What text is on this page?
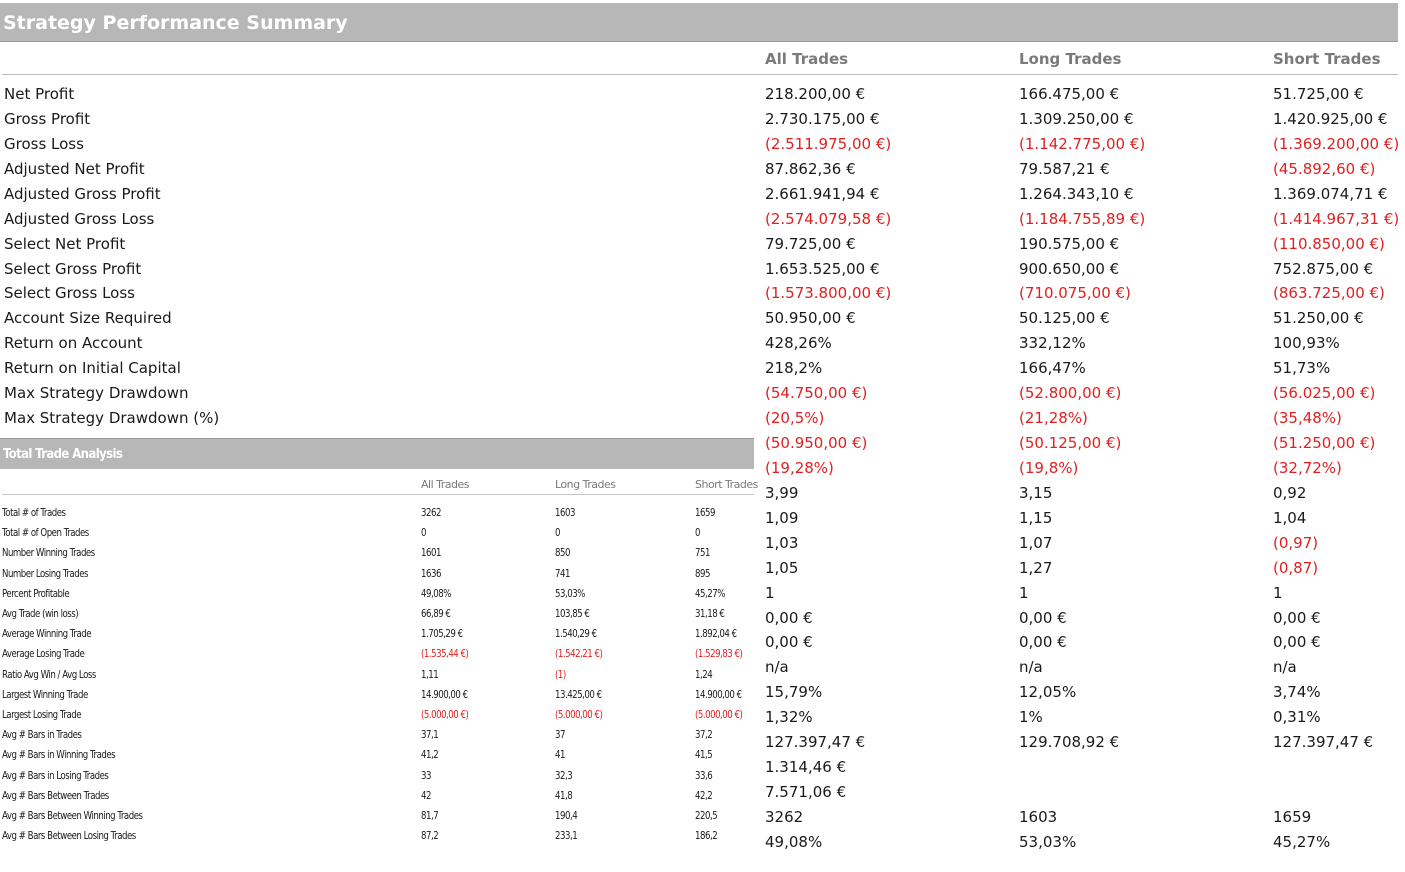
Strategy Performance Summary
All Trades	Long Trades	Short Trades
Net Profit	218.200,00 €	166.475,00 €	51.725,00 €
Gross Profit	2.730.175,00 €	1.309.250,00 €	1.420.925,00 €
Gross Loss	(2.511.975,00 €)	(1.142.775,00 €)	(1.369.200,00 €)
Adjusted Net Profit	87.862,36 €	79.587,21 €	(45.892,60 €)
Adjusted Gross Profit	2.661.941,94 €	1.264.343,10 €	1.369.074,71 €
Adjusted Gross Loss	(2.574.079,58 €)	(1.184.755,89 €)	(1.414.967,31 €)
Select Net Profit	79.725,00 €	190.575,00 €	(110.850,00 €)
Select Gross Profit	1.653.525,00 €	900.650,00 €	752.875,00 €
Select Gross Loss	(1.573.800,00 €)	(710.075,00 €)	(863.725,00 €)
Account Size Required	50.950,00 €	50.125,00 €	51.250,00 €
Return on Account	428,26%	332,12%	100,93%
Return on Initial Capital	218,2%	166,47%	51,73%
Max Strategy Drawdown	(54.750,00 €)	(52.800,00 €)	(56.025,00 €)
Max Strategy Drawdown (%)	(20,5%)	(21,28%)	(35,48%)
(50.950,00 €)	(50.125,00 €)	(51.250,00 €)
(19,28%)	(19,8%)	(32,72%)
3,99	3,15	0,92
1,09	1,15	1,04
1,03	1,07	(0,97)
1,05	1,27	(0,87)
1	1	1
0,00 €	0,00 €	0,00 €
0,00 €	0,00 €	0,00 €
n/a	n/a	n/a
15,79%	12,05%	3,74%
1,32%	1%	0,31%
127.397,47 €	129.708,92 €	127.397,47 €
1.314,46 €
7.571,06 €
3262	1603	1659
49,08%	53,03%	45,27%
Total Trade Analysis
All Trades	Long Trades	Short Trades
Total # of Trades	3262	1603	1659
Total # of Open Trades	0	0	0
Number Winning Trades	1601	850	751
Number Losing Trades	1636	741	895
Percent Profitable	49,08%	53,03%	45,27%
Avg Trade (win loss)	66,89 €	103,85 €	31,18 €
Average Winning Trade	1.705,29 €	1.540,29 €	1.892,04 €
Average Losing Trade	(1.535,44 €)	(1.542,21 €)	(1.529,83 €)
Ratio Avg Win / Avg Loss	1,11	(1)	1,24
Largest Winning Trade	14.900,00 €	13.425,00 €	14.900,00 €
Largest Losing Trade	(5.000,00 €)	(5.000,00 €)	(5.000,00 €)
Avg # Bars in Trades	37,1	37	37,2
Avg # Bars in Winning Trades	41,2	41	41,5
Avg # Bars in Losing Trades	33	32,3	33,6
Avg # Bars Between Trades	42	41,8	42,2
Avg # Bars Between Winning Trades	81,7	190,4	220,5
Avg # Bars Between Losing Trades	87,2	233,1	186,2
